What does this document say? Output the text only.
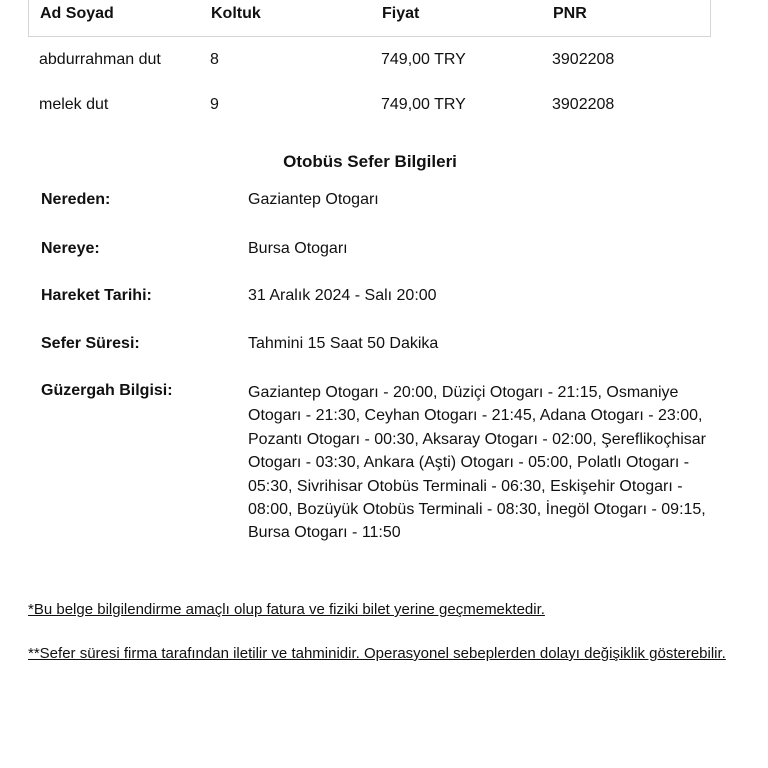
Ad Soyad	Koltuk	Fiyat	PNR
abdurrahman dut	8	749,00 TRY	3902208
melek dut	9	749,00 TRY	3902208
Otobüs Sefer Bilgileri
Nereden:	Gaziantep Otogarı
Nereye:	Bursa Otogarı
Hareket Tarihi:	31 Aralık 2024 - Salı 20:00
Sefer Süresi:	Tahmini 15 Saat 50 Dakika
Güzergah Bilgisi:	Gaziantep Otogarı - 20:00, Düziçi Otogarı - 21:15, Osmaniye Otogarı - 21:30, Ceyhan Otogarı - 21:45, Adana Otogarı - 23:00, Pozantı Otogarı - 00:30, Aksaray Otogarı - 02:00, Şereflikoçhisar Otogarı - 03:30, Ankara (Aşti) Otogarı - 05:00, Polatlı Otogarı - 05:30, Sivrihisar Otobüs Terminali - 06:30, Eskişehir Otogarı - 08:00, Bozüyük Otobüs Terminali - 08:30, İnegöl Otogarı - 09:15, Bursa Otogarı - 11:50
*Bu belge bilgilendirme amaçlı olup fatura ve fiziki bilet yerine geçmemektedir.
**Sefer süresi firma tarafından iletilir ve tahminidir. Operasyonel sebeplerden dolayı değişiklik gösterebilir.
